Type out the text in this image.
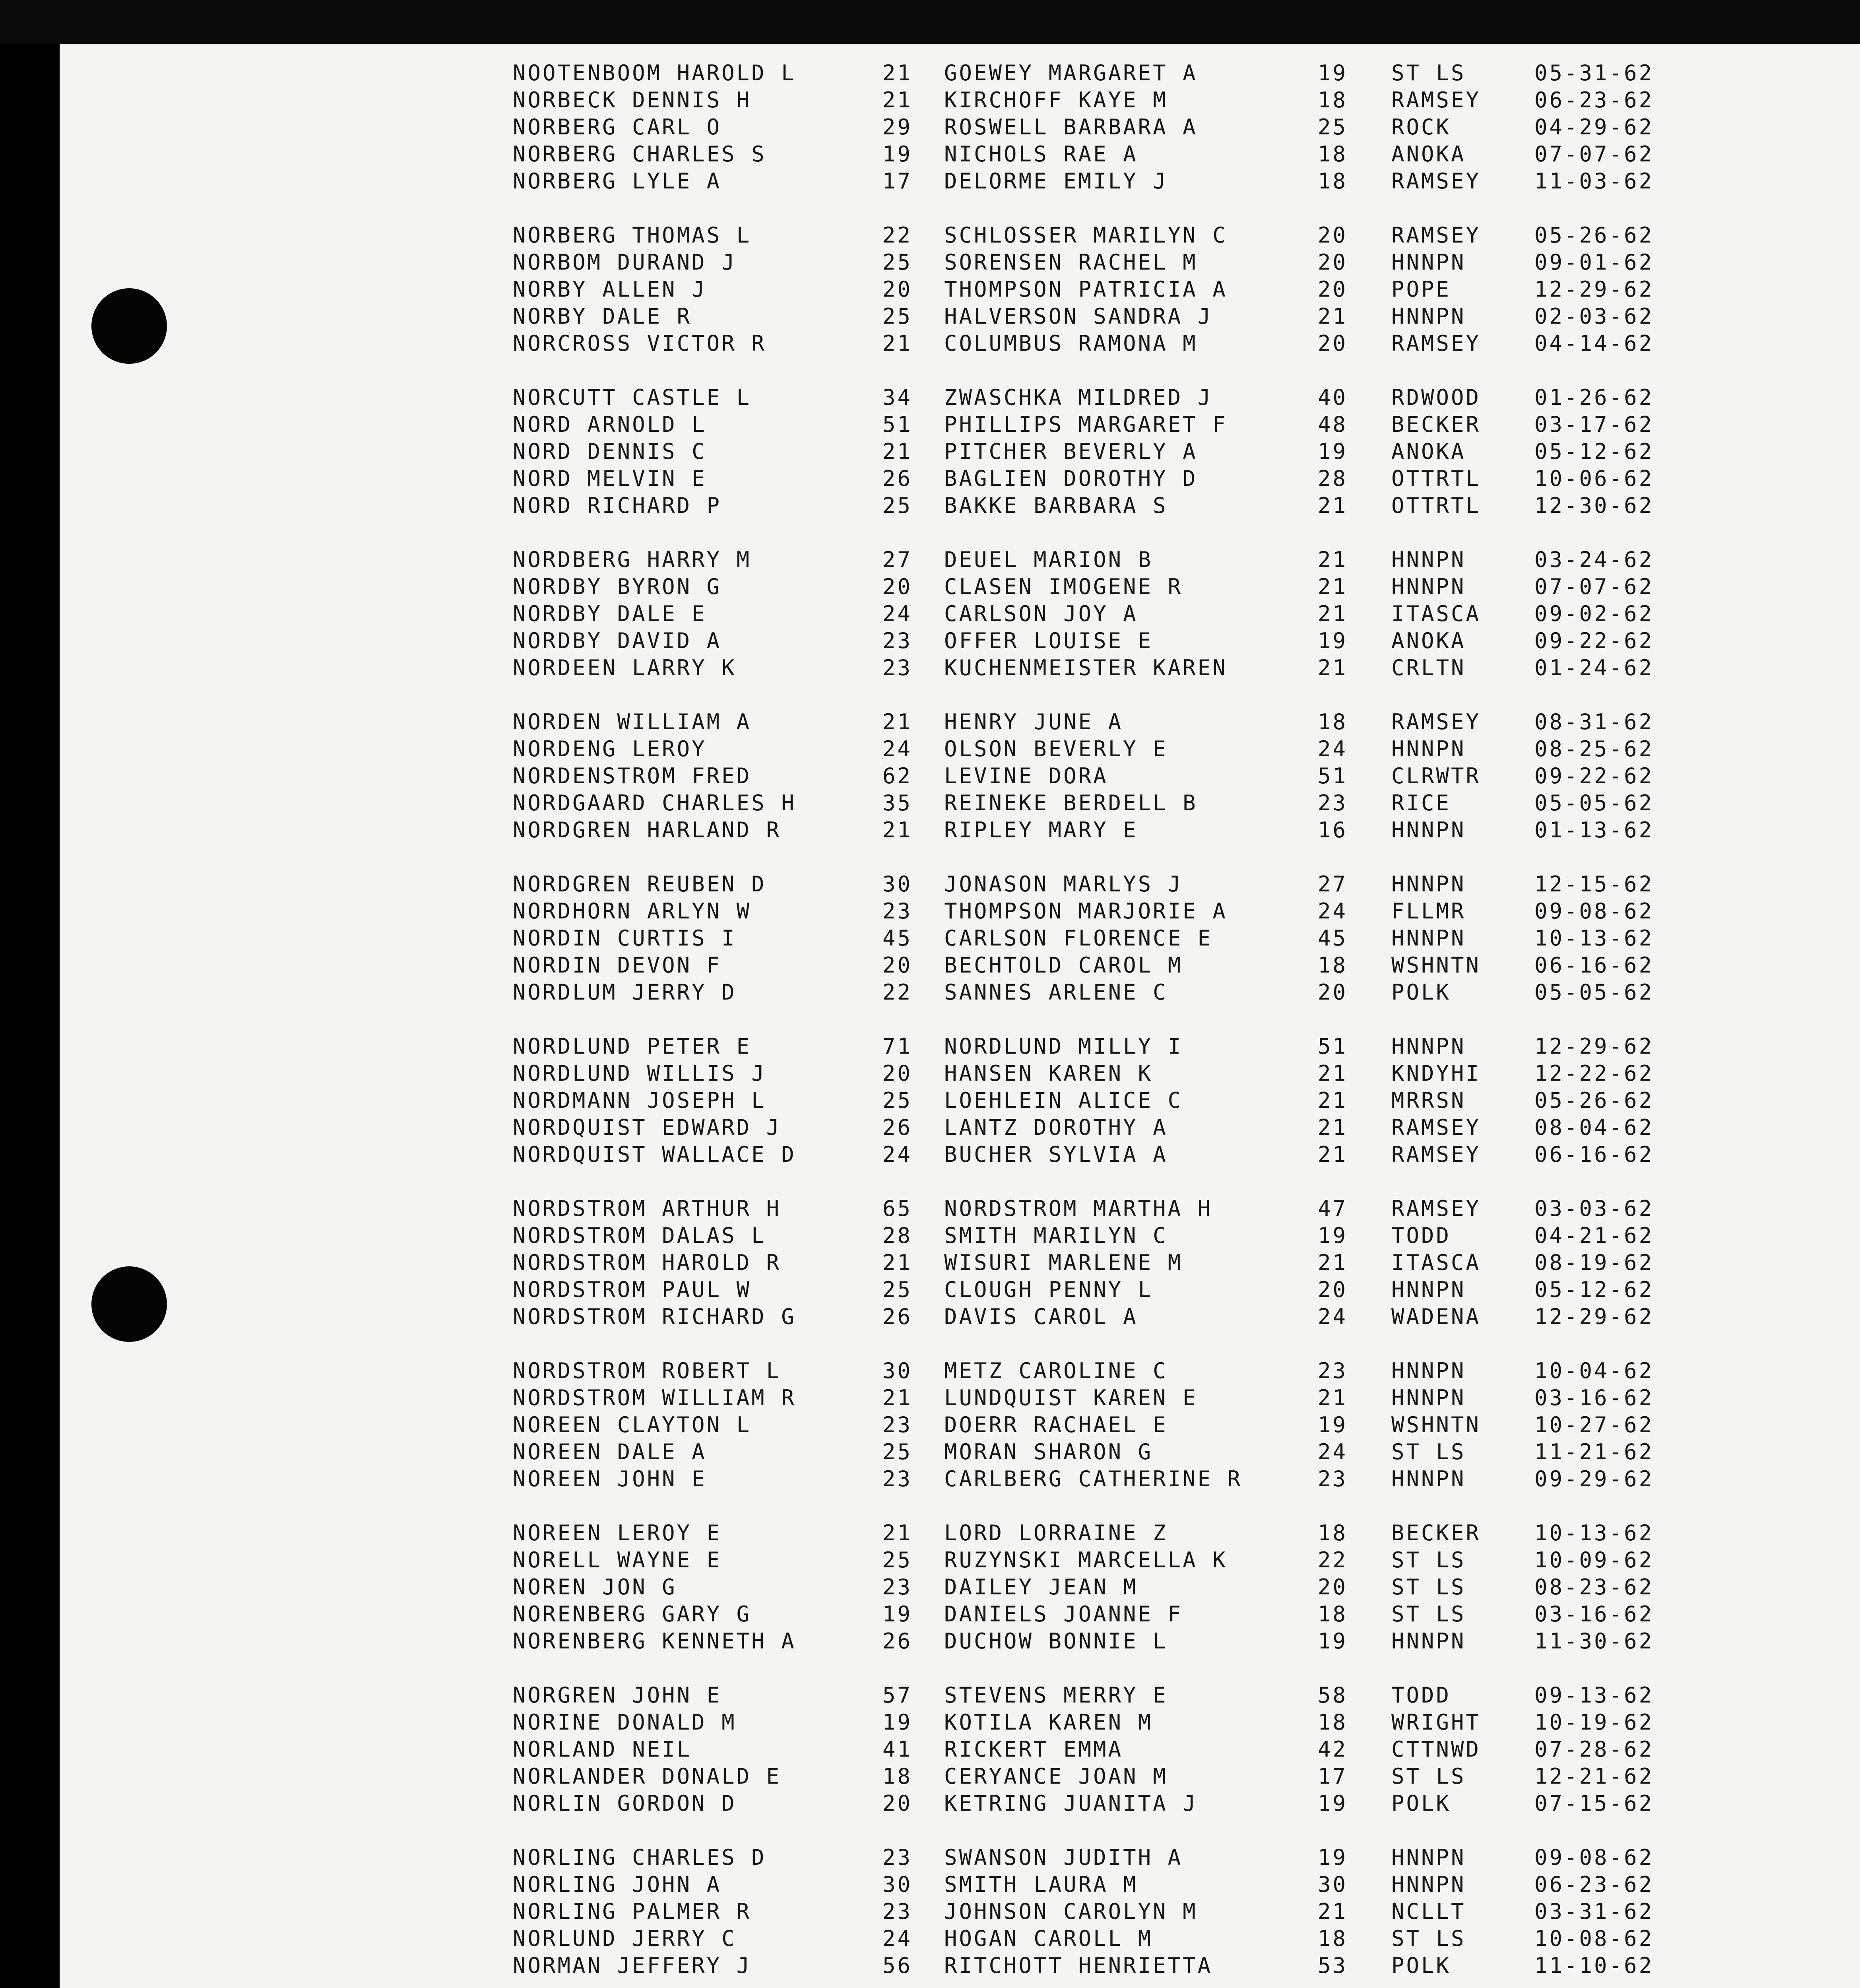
NOOTENBOOM HAROLD L	21 GOEWEY MARGARET A	19 ST LS	05-31-62
NORBECK DENNIS H	21 KIRCHOFF KAYE M	18 RAMSEY 06-23-62
NORBERG CARL O	29 ROSWELL BARBARA A	25 ROCK	04-29-62
NORBERG CHARLES S	19 NICHOLS RAE A	18 ANOKA	07-07-62
NORBERG LYLE A	17 DELORME EMILY J	18 RAMSEY 11-03-62
NORBERG THOMAS L	22 SCHLOSSER MARILYN C	20 RAMSEY 05-26-62
NORBOM DURAND J	25 SORENSEN RACHEL M	20 HNNPN	09-01-62
NORBY ALLEN J	20 THOMPSON PATRICIA A	20 POPE	12-29-62
NORBY DALE R	25 HALVERSON SANDRA J	21 HNNPN	02-03-62
NORCROSS VICTOR R	21 COLUMBUS RAMONA M	20 RAMSEY 04-14-62
NORCUTT CASTLE L	34 ZWASCHKA MILDRED J	40 RDWOOD 01-26-62
NORD ARNOLD L	51 PHILLIPS MARGARET F	48 BECKER 03-17-62
NORD DENNIS C	21 PITCHER BEVERLY A	19 ANOKA	05-12-62
NORD MELVIN E	26 BAGLIEN DOROTHY D	28 OTTRTL 10-06-62
NORD RICHARD P	25 BAKKE BARBARA S	21 OTTRTL 12-30-62
NORDBERG HARRY M	27 DEUEL MARION B	21 HNNPN	03-24-62
NORDBY BYRON G	20 CLASEN IMOGENE R	21 HNNPN	07-07-62
NORDBY DALE E	24 CARLSON JOY A	21 ITASCA 09-02-62
NORDBY DAVID A	23 OFFER LOUISE E	19 ANOKA	09-22-62
NORDEEN LARRY K	23 KUCHENMEISTER KAREN	21 CRLTN	01-24-62
NORDEN WILLIAM A	21 HENRY JUNE A	18 RAMSEY 08-31-62
NORDENG LEROY	24 OLSON BEVERLY E	24 HNNPN	08-25-62
NORDENSTROM FRED	62 LEVINE DORA	51 CLRWTR 09-22-62
NORDGAARD CHARLES H	35 REINEKE BERDELL B	23 RICE	05-05-62
NORDGREN HARLAND R	21 RIPLEY MARY E	16 HNNPN	01-13-62
NORDGREN REUBEN D	30 JONASON MARLYS J	27 HNNPN	12-15-62
NORDHORN ARLYN W	23 THOMPSON MARJORIE A	24 FLLMR	09-08-62
NORDIN CURTIS I	45 CARLSON FLORENCE E	45 HNNPN	10-13-62
NORDIN DEVON F	20 BECHTOLD CAROL M	18 WSHNTN 06-16-62
NORDLUM JERRY D	22 SANNES ARLENE C	20 POLK	05-05-62
NORDLUND PETER E	71 NORDLUND MILLY I	51 HNNPN	12-29-62
NORDLUND WILLIS J	20 HANSEN KAREN K	21 KNDYHI 12-22-62
NORDMANN JOSEPH L	25 LOEHLEIN ALICE C	21 MRRSN	05-26-62
NORDQUIST EDWARD J	26 LANTZ DOROTHY A	21 RAMSEY 08-04-62
NORDQUIST WALLACE D	24 BUCHER SYLVIA A	21 RAMSEY 06-16-62
NORDSTROM ARTHUR H	65 NORDSTROM MARTHA H	47 RAMSEY 03-03-62
NORDSTROM DALAS L	28 SMITH MARILYN C	19 TODD	04-21-62
NORDSTROM HAROLD R	21 WISURI MARLENE M	21 ITASCA 08-19-62
NORDSTROM PAUL W	25 CLOUGH PENNY L	20 HNNPN	05-12-62
NORDSTROM RICHARD G	26 DAVIS CAROL A	24 WADENA 12-29-62
NORDSTROM ROBERT L	30 METZ CAROLINE C	23 HNNPN	10-04-62
NORDSTROM WILLIAM R	21 LUNDQUIST KAREN E	21 HNNPN	03-16-62
NOREEN CLAYTON L	23 DOERR RACHAEL E	19 WSHNTN 10-27-62
NOREEN DALE A	25 MORAN SHARON G	24 ST LS	11-21-62
NOREEN JOHN E	23 CARLBERG CATHERINE R	23 HNNPN	09-29-62
NOREEN LEROY E	21 LORD LORRAINE Z	18 BECKER 10-13-62
NORELL WAYNE E	25 RUZYNSKI MARCELLA K	22 ST LS	10-09-62
NOREN JON G	23 DAILEY JEAN M	20 ST LS	08-23-62
NORENBERG GARY G	19 DANIELS JOANNE F	18 ST LS	03-16-62
NORENBERG KENNETH A	26 DUCHOW BONNIE L	19 HNNPN	11-30-62
NORGREN JOHN E	57 STEVENS MERRY E	58 TODD	09-13-62
NORINE DONALD M	19 KOTILA KAREN M	18 WRIGHT 10-19-62
NORLAND NEIL	41 RICKERT EMMA	42 CTTNWD 07-28-62
NORLANDER DONALD E	18 CERYANCE JOAN M	17 ST LS	12-21-62
NORLIN GORDON D	20 KETRING JUANITA J	19 POLK	07-15-62
NORLING CHARLES D	23 SWANSON JUDITH A	19 HNNPN	09-08-62
NORLING JOHN A	30 SMITH LAURA M	30 HNNPN	06-23-62
NORLING PALMER R	23 JOHNSON CAROLYN M	21 NCLLT	03-31-62
NORLUND JERRY C	24 HOGAN CAROLL M	18 ST LS	10-08-62
NORMAN JEFFERY J	56 RITCHOTT HENRIETTA	53 POLK	11-10-62
